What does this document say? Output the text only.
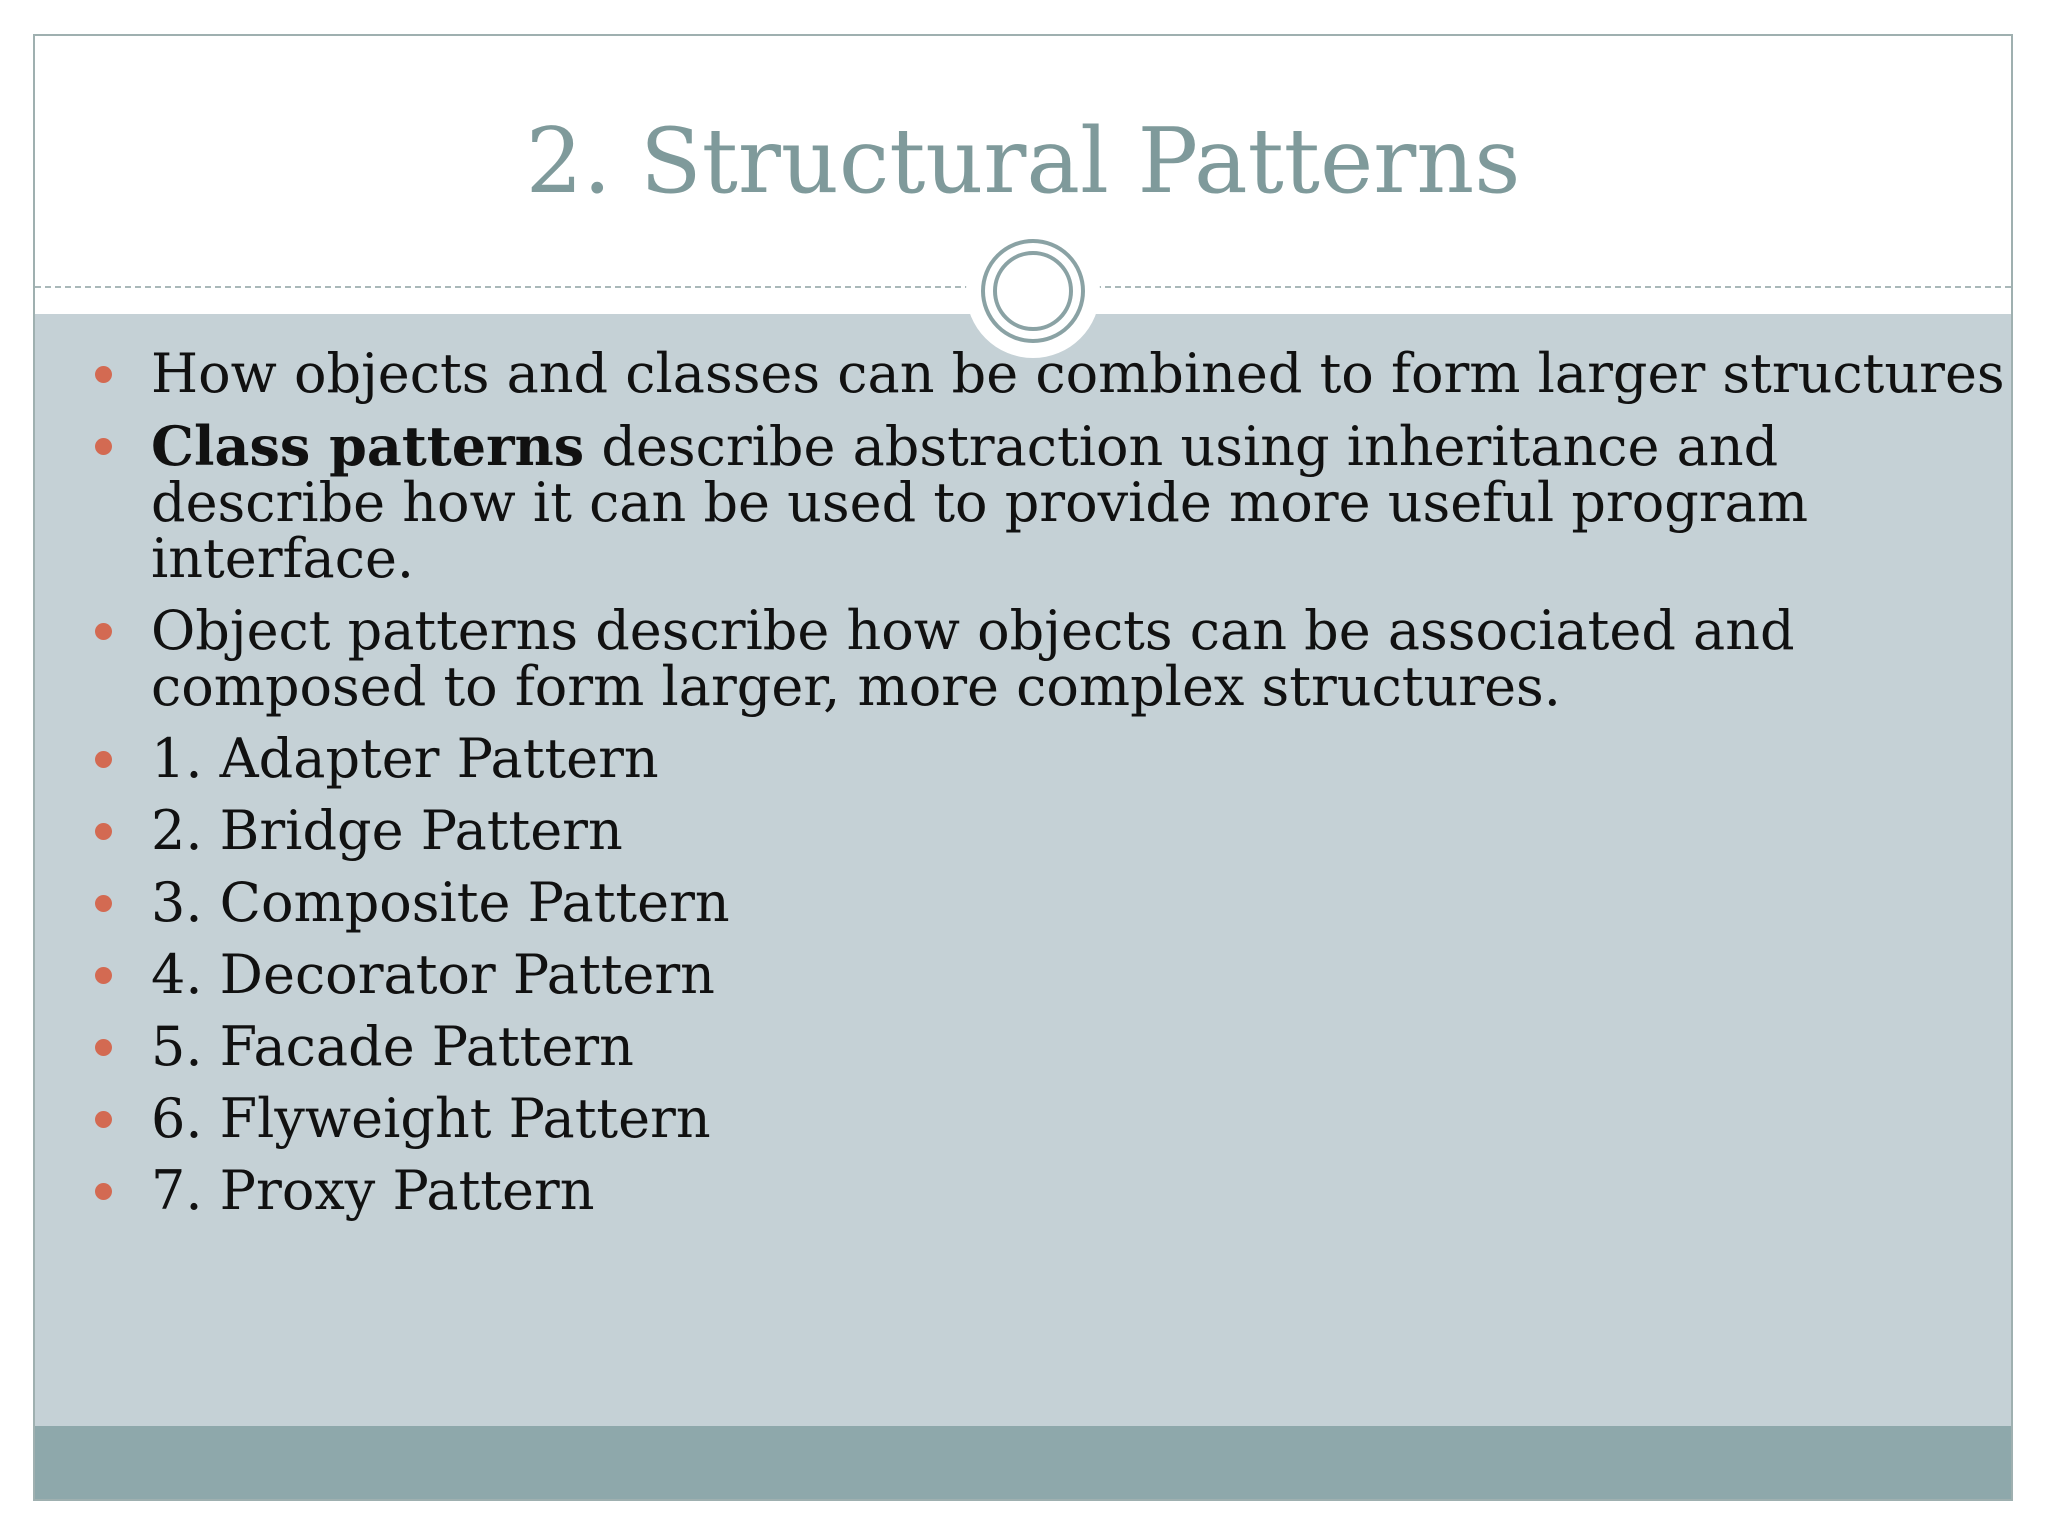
2. Structural Patterns
How objects and classes can be combined to form larger structures
Class patterns describe abstraction using inheritance and
describe how it can be used to provide more useful program
interface.
Object patterns describe how objects can be associated and
composed to form larger, more complex structures.
1. Adapter Pattern
2. Bridge Pattern
3. Composite Pattern
4. Decorator Pattern
5. Facade Pattern
6. Flyweight Pattern
7. Proxy Pattern
